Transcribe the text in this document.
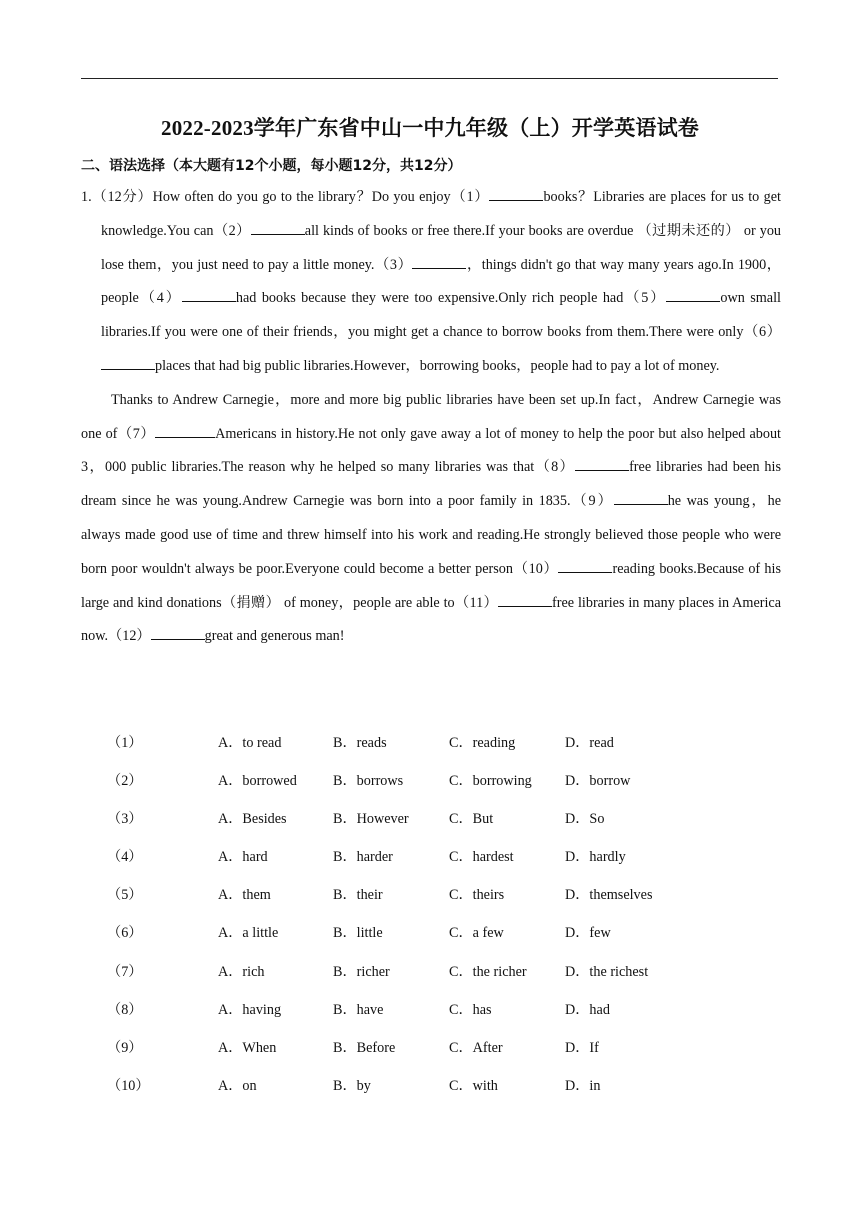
2022-2023学年广东省中山一中九年级（上）开学英语试卷
二、语法选择（本大题有12个小题，每小题12分，共12分）

1.（12分）How often do you go to the library？Do you enjoy（1）	books？Libraries are places for us to get knowledge.You can（2）	all kinds of books or free there.If your books are overdue （过期未还的） or you lose them，you just need to pay a little money.（3）	，things didn't go that way many years ago.In 1900，people（4）	had books because they were too expensive.Only rich people had（5）	own small libraries.If you were one of their friends，you might get a chance to borrow books from them.There were only（6）places that had big public libraries.However，borrowing books，people had to pay a lot of money.

Thanks to Andrew Carnegie，more and more big public libraries have been set up.In fact，Andrew Carnegie was one of（7）	Americans in history.He not only gave away a lot of money to help the poor but also helped about 3，000 public libraries.The reason why he helped so many libraries was that（8）	free libraries had been his dream since he was young.Andrew Carnegie was born into a poor family in 1835.（9）	he was young，he always made good use of time and threw himself into his work and reading.He strongly believed those people who were born poor wouldn't always be poor.Everyone could become a better person（10）	reading books.Because of his large and kind donations（捐赠） of money，people are able to（11）	free libraries in many places in America now.（12）	great and generous man!

（1）	A．to read	B．reads	C．reading	D．read
（2）	A．borrowed	B．borrows	C．borrowing D．borrow
（3）	A．Besides	B．However	C．But	D．So
（4）	A．hard	B．harder	C．hardest	D．hardly
（5）	A．them	B．their	C．theirs	D．themselves
（6）	A．a little	B．little	C．a few	D．few
（7）	A．rich	B．richer	C．the richer	D．the richest
（8）	A．having	B．have	C．has	D．had
（9）	A．When	B．Before	C．After	D．If
（10）	A．on	B．by	C．with	D．in
